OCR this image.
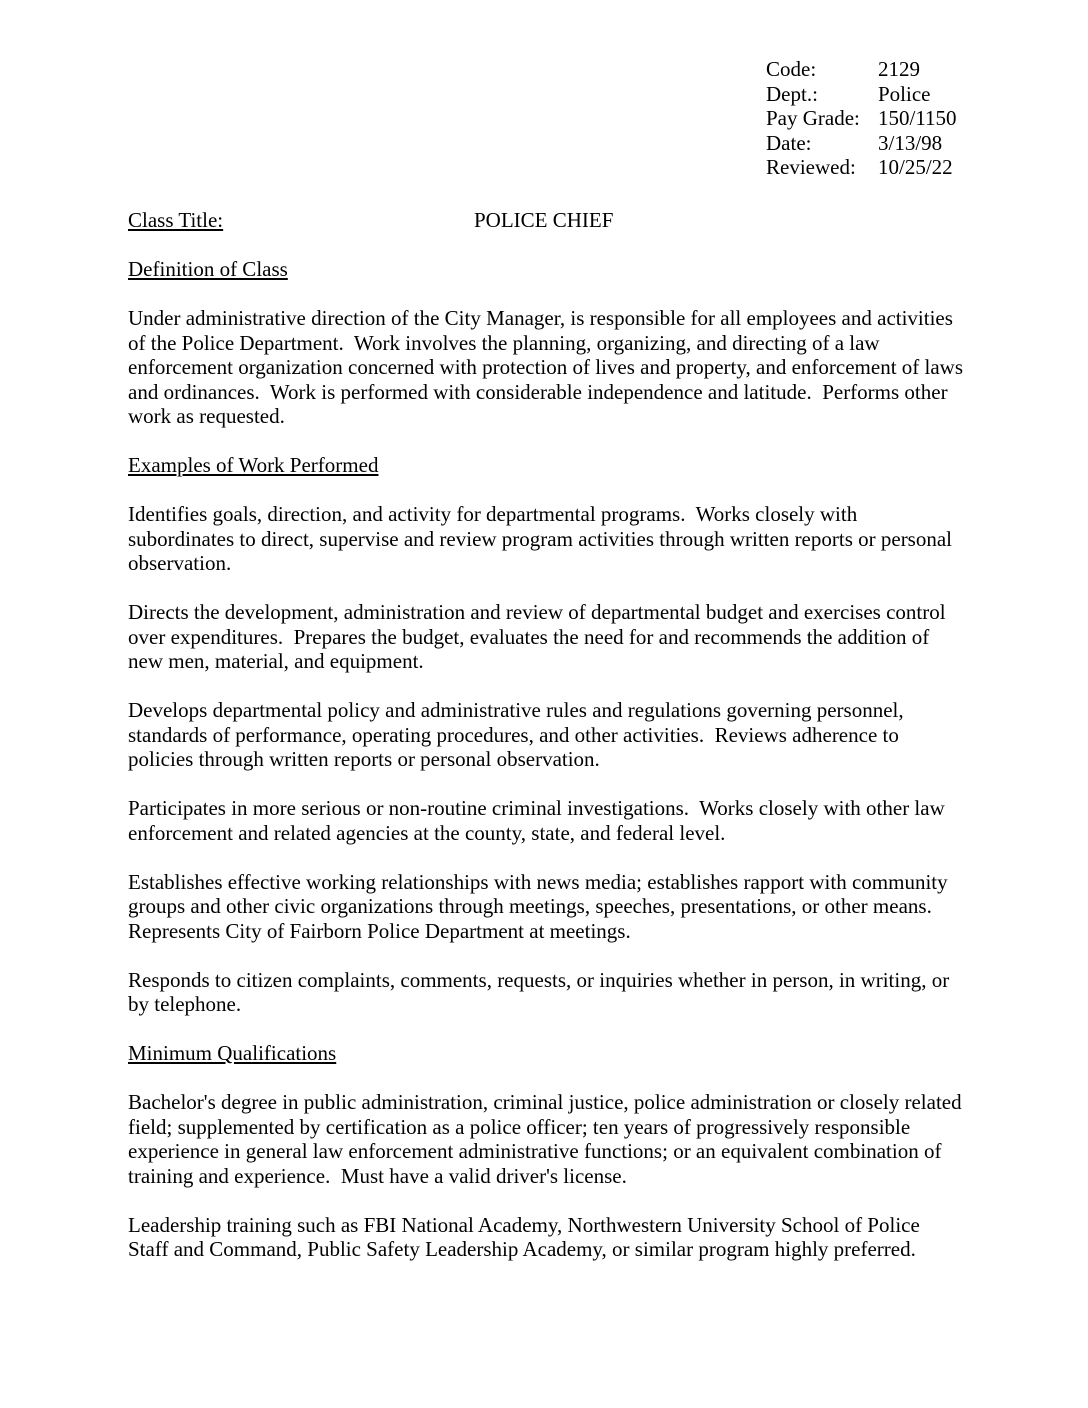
Code:	2129
Dept.:	Police
Pay Grade: 150/1150
Date:	3/13/98
Reviewed:	10/25/22
Class Title:	POLICE CHIEF
Definition of Class

Under administrative direction of the City Manager, is responsible for all employees and activities of the Police Department.  Work involves the planning, organizing, and directing of a law enforcement organization concerned with protection of lives and property, and enforcement of laws and ordinances.  Work is performed with considerable independence and latitude.  Performs other work as requested.

Examples of Work Performed

Identifies goals, direction, and activity for departmental programs.  Works closely with subordinates to direct, supervise and review program activities through written reports or personal observation.

Directs the development, administration and review of departmental budget and exercises control over expenditures.  Prepares the budget, evaluates the need for and recommends the addition of new men, material, and equipment.

Develops departmental policy and administrative rules and regulations governing personnel, standards of performance, operating procedures, and other activities.  Reviews adherence to policies through written reports or personal observation.

Participates in more serious or non-routine criminal investigations.  Works closely with other law enforcement and related agencies at the county, state, and federal level.

Establishes effective working relationships with news media; establishes rapport with community groups and other civic organizations through meetings, speeches, presentations, or other means.  Represents City of Fairborn Police Department at meetings.

Responds to citizen complaints, comments, requests, or inquiries whether in person, in writing, or by telephone.

Minimum Qualifications

Bachelor's degree in public administration, criminal justice, police administration or closely related field; supplemented by certification as a police officer; ten years of progressively responsible experience in general law enforcement administrative functions; or an equivalent combination of training and experience.  Must have a valid driver's license.

Leadership training such as FBI National Academy, Northwestern University School of Police Staff and Command, Public Safety Leadership Academy, or similar program highly preferred.
